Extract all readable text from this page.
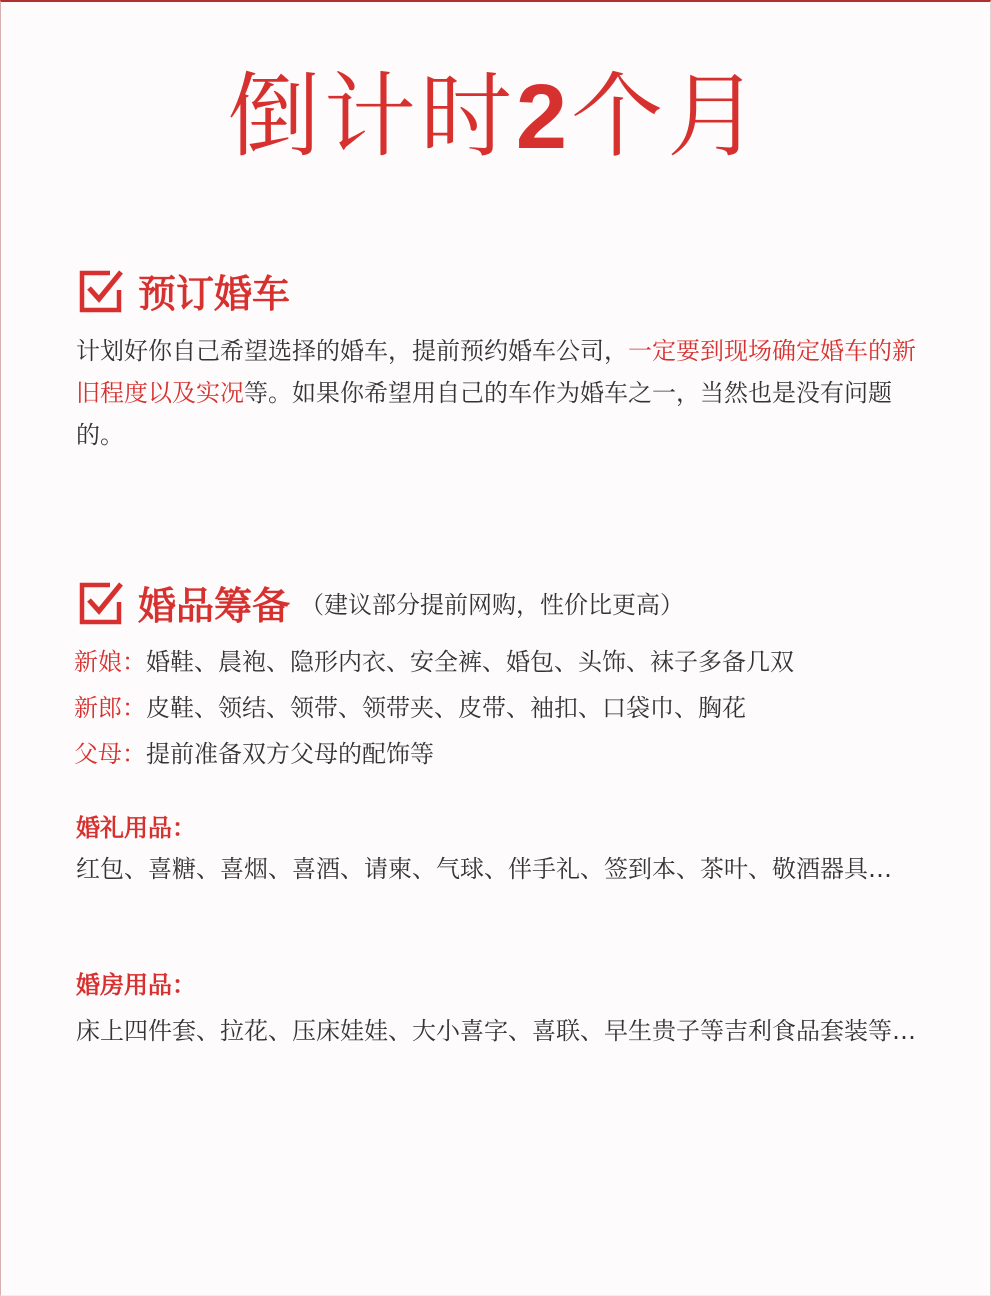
倒计时2个月
预订婚车
计划好你自己希望选择的婚车，提前预约婚车公司，一定要到现场确定婚车的新旧程度以及实况等。如果你希望用自己的车作为婚车之一，当然也是没有问题的。
婚品筹备 （建议部分提前网购，性价比更高）
新娘：婚鞋、晨袍、隐形内衣、安全裤、婚包、头饰、袜子多备几双
新郎：皮鞋、领结、领带、领带夹、皮带、袖扣、口袋巾、胸花
父母：提前准备双方父母的配饰等
婚礼用品：
红包、喜糖、喜烟、喜酒、请柬、气球、伴手礼、签到本、茶叶、敬酒器具…
婚房用品：
床上四件套、拉花、压床娃娃、大小喜字、喜联、早生贵子等吉利食品套装等…
